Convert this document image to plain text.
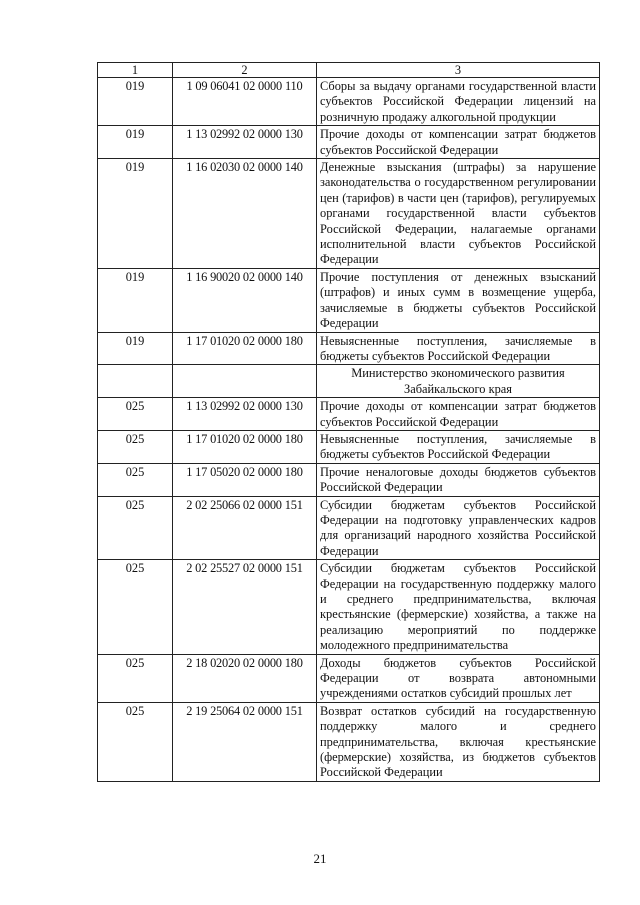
1	2	3
019	1 09 06041 02 0000 110	Сборы за выдачу органами государственной власти субъектов Российской Федерации лицензий на розничную продажу алкогольной продукции
019	1 13 02992 02 0000 130	Прочие доходы от компенсации затрат бюджетов субъектов Российской Федерации
019	1 16 02030 02 0000 140	Денежные взыскания (штрафы) за нарушение законодательства о государственном регулировании цен (тарифов) в части цен (тарифов), регулируемых органами государственной власти субъектов Российской Федерации, налагаемые органами исполнительной власти субъектов Российской Федерации
019	1 16 90020 02 0000 140	Прочие поступления от денежных взысканий (штрафов) и иных сумм в возмещение ущерба, зачисляемые в бюджеты субъектов Российской Федерации
019	1 17 01020 02 0000 180	Невыясненные поступления, зачисляемые в бюджеты субъектов Российской Федерации
		Министерство экономического развития Забайкальского края
025	1 13 02992 02 0000 130	Прочие доходы от компенсации затрат бюджетов субъектов Российской Федерации
025	1 17 01020 02 0000 180	Невыясненные поступления, зачисляемые в бюджеты субъектов Российской Федерации
025	1 17 05020 02 0000 180	Прочие неналоговые доходы бюджетов субъектов Российской Федерации
025	2 02 25066 02 0000 151	Субсидии бюджетам субъектов Российской Федерации на подготовку управленческих кадров для организаций народного хозяйства Российской Федерации
025	2 02 25527 02 0000 151	Субсидии бюджетам субъектов Российской Федерации на государственную поддержку малого и среднего предпринимательства, включая крестьянские (фермерские) хозяйства, а также на реализацию мероприятий по поддержке молодежного предпринимательства
025	2 18 02020 02 0000 180	Доходы бюджетов субъектов Российской Федерации от возврата автономными учреждениями остатков субсидий прошлых лет
025	2 19 25064 02 0000 151	Возврат остатков субсидий на государственную поддержку малого и среднего предпринимательства, включая крестьянские (фермерские) хозяйства, из бюджетов субъектов Российской Федерации
21
